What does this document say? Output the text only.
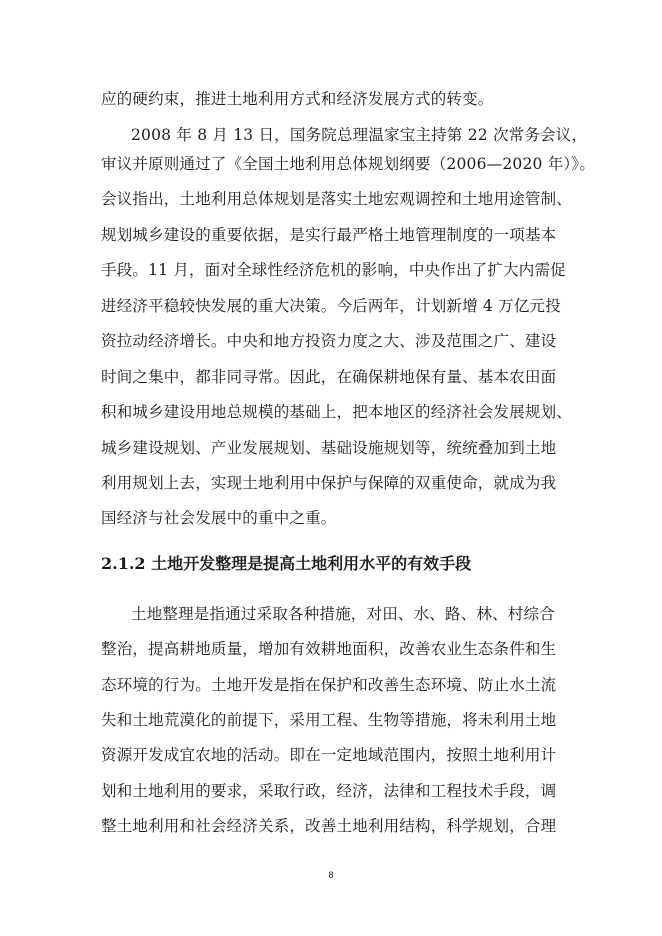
应的硬约束，推进土地利用方式和经济发展方式的转变。
2008 年 8 月 13 日，国务院总理温家宝主持第 22 次常务会议，
审议并原则通过了《全国土地利用总体规划纲要（2006—2020 年）》。
会议指出，土地利用总体规划是落实土地宏观调控和土地用途管制、
规划城乡建设的重要依据，是实行最严格土地管理制度的一项基本
手段。11 月，面对全球性经济危机的影响，中央作出了扩大内需促
进经济平稳较快发展的重大决策。今后两年，计划新增 4 万亿元投
资拉动经济增长。中央和地方投资力度之大、涉及范围之广、建设
时间之集中，都非同寻常。因此，在确保耕地保有量、基本农田面
积和城乡建设用地总规模的基础上，把本地区的经济社会发展规划、
城乡建设规划、产业发展规划、基础设施规划等，统统叠加到土地
利用规划上去，实现土地利用中保护与保障的双重使命，就成为我
国经济与社会发展中的重中之重。
2.1.2 土地开发整理是提高土地利用水平的有效手段
土地整理是指通过采取各种措施，对田、水、路、林、村综合
整治，提高耕地质量，增加有效耕地面积，改善农业生态条件和生
态环境的行为。土地开发是指在保护和改善生态环境、防止水土流
失和土地荒漠化的前提下，采用工程、生物等措施，将未利用土地
资源开发成宜农地的活动。即在一定地域范围内，按照土地利用计
划和土地利用的要求，采取行政，经济，法律和工程技术手段，调
整土地利用和社会经济关系，改善土地利用结构，科学规划，合理
8
